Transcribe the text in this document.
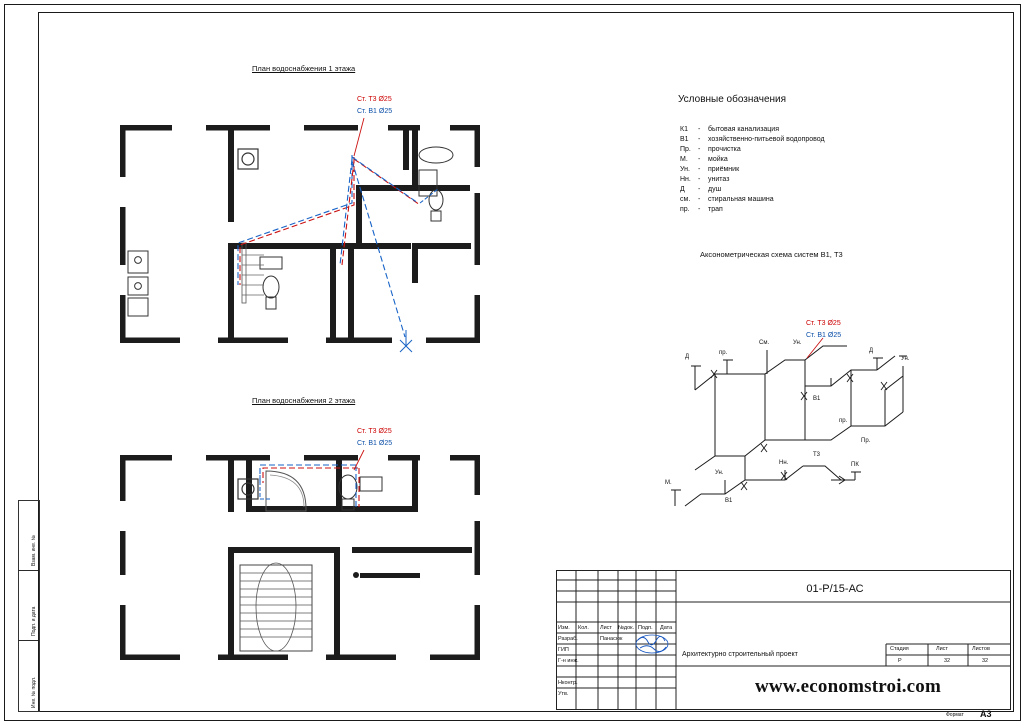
Инв. № подл.
Подп. и дата
Взам. инв. №
План водоснабжения 1 этажа
Ст. Т3 Ø25
Ст. В1 Ø25
План водоснабжения 2 этажа
Ст. Т3 Ø25
Ст. В1 Ø25
Условные обозначения
К1 - бытовая канализация
В1 - хозяйственно-питьевой водопровод
Пр. - прочистка
М. - мойка
Ун. - приёмник
Нн. - унитаз
Д - душ
см. - стиральная машина
пр. - трап
Аксонометрическая схема систем В1, Т3
Ст. Т3 Ø25
Ст. В1 Ø25
Д
пр.
См.	Ун.
Д
Ун.
М.
Ун.
Нн.	ПК
В1
Т3
пр.
Пр.
В1
01-Р/15-АС
Изм. Кол. Лист №док. Подп. Дата
Разраб.
ГИП
Г-н инж.
Нконтр.
Утв.
Панасюк
Архитектурно строительный проект
Стадия	Лист	Листов
Р	32	32
www.economstroi.com
Формат A3
